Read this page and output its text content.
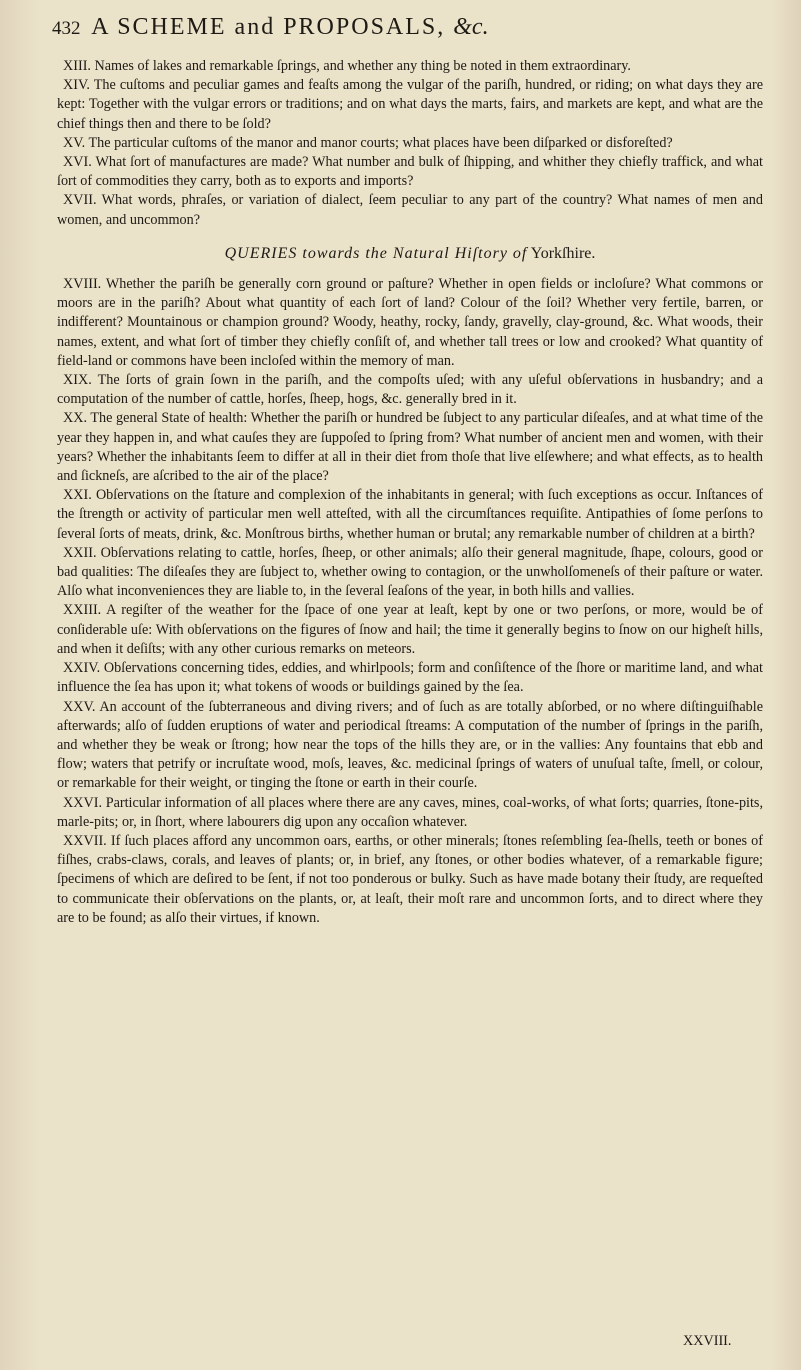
432 A SCHEME and PROPOSALS, &c.

XIII. Names of lakes and remarkable ſprings, and whether any thing be noted in them extraordinary.

XIV. The cuſtoms and peculiar games and feaſts among the vulgar of the pariſh, hundred, or riding; on what days they are kept: Together with the vulgar errors or traditions; and on what days the marts, fairs, and markets are kept, and what are the chief things then and there to be ſold?

XV. The particular cuſtoms of the manor and manor courts; what places have been diſparked or disforeſted?

XVI. What ſort of manufactures are made? What number and bulk of ſhipping, and whither they chiefly traffick, and what ſort of commodities they carry, both as to exports and imports?

XVII. What words, phraſes, or variation of dialect, ſeem peculiar to any part of the country? What names of men and women, and uncommon?

QUERIES towards the Natural Hiſtory of Yorkſhire.

XVIII. Whether the pariſh be generally corn ground or paſture? Whether in open fields or incloſure? What commons or moors are in the pariſh? About what quantity of each ſort of land? Colour of the ſoil? Whether very fertile, barren, or indifferent? Mountainous or champion ground? Woody, heathy, rocky, ſandy, gravelly, clay-ground, &c. What woods, their names, extent, and what ſort of timber they chiefly conſiſt of, and whether tall trees or low and crooked? What quantity of field-land or commons have been incloſed within the memory of man.

XIX. The ſorts of grain ſown in the pariſh, and the compoſts uſed; with any uſeful obſervations in husbandry; and a computation of the number of cattle, horſes, ſheep, hogs, &c. generally bred in it.

XX. The general State of health: Whether the pariſh or hundred be ſubject to any particular diſeaſes, and at what time of the year they happen in, and what cauſes they are ſuppoſed to ſpring from? What number of ancient men and women, with their years? Whether the inhabitants ſeem to differ at all in their diet from thoſe that live elſewhere; and what effects, as to health and ſickneſs, are aſcribed to the air of the place?

XXI. Obſervations on the ſtature and complexion of the inhabitants in general; with ſuch exceptions as occur. Inſtances of the ſtrength or activity of particular men well atteſted, with all the circumſtances requiſite. Antipathies of ſome perſons to ſeveral ſorts of meats, drink, &c. Monſtrous births, whether human or brutal; any remarkable number of children at a birth?

XXII. Obſervations relating to cattle, horſes, ſheep, or other animals; alſo their general magnitude, ſhape, colours, good or bad qualities: The diſeaſes they are ſubject to, whether owing to contagion, or the unwholſomeneſs of their paſture or water. Alſo what inconveniences they are liable to, in the ſeveral ſeaſons of the year, in both hills and vallies.

XXIII. A regiſter of the weather for the ſpace of one year at leaſt, kept by one or two perſons, or more, would be of conſiderable uſe: With obſervations on the figures of ſnow and hail; the time it generally begins to ſnow on our higheſt hills, and when it deſiſts; with any other curious remarks on meteors.

XXIV. Obſervations concerning tides, eddies, and whirlpools; form and conſiſtence of the ſhore or maritime land, and what influence the ſea has upon it; what tokens of woods or buildings gained by the ſea.

XXV. An account of the ſubterraneous and diving rivers; and of ſuch as are totally abſorbed, or no where diſtinguiſhable afterwards; alſo of ſudden eruptions of water and periodical ſtreams: A computation of the number of ſprings in the pariſh, and whether they be weak or ſtrong; how near the tops of the hills they are, or in the vallies: Any fountains that ebb and flow; waters that petrify or incruſtate wood, moſs, leaves, &c. medicinal ſprings of waters of unuſual taſte, ſmell, or colour, or remarkable for their weight, or tinging the ſtone or earth in their courſe.

XXVI. Particular information of all places where there are any caves, mines, coal-works, of what ſorts; quarries, ſtone-pits, marle-pits; or, in ſhort, where labourers dig upon any occaſion whatever.

XXVII. If ſuch places afford any uncommon oars, earths, or other minerals; ſtones reſembling ſea-ſhells, teeth or bones of fiſhes, crabs-claws, corals, and leaves of plants; or, in brief, any ſtones, or other bodies whatever, of a remarkable figure; ſpecimens of which are deſired to be ſent, if not too ponderous or bulky. Such as have made botany their ſtudy, are requeſted to communicate their obſervations on the plants, or, at leaſt, their moſt rare and uncommon ſorts, and to direct where they are to be found; as alſo their virtues, if known.

XXVIII.
